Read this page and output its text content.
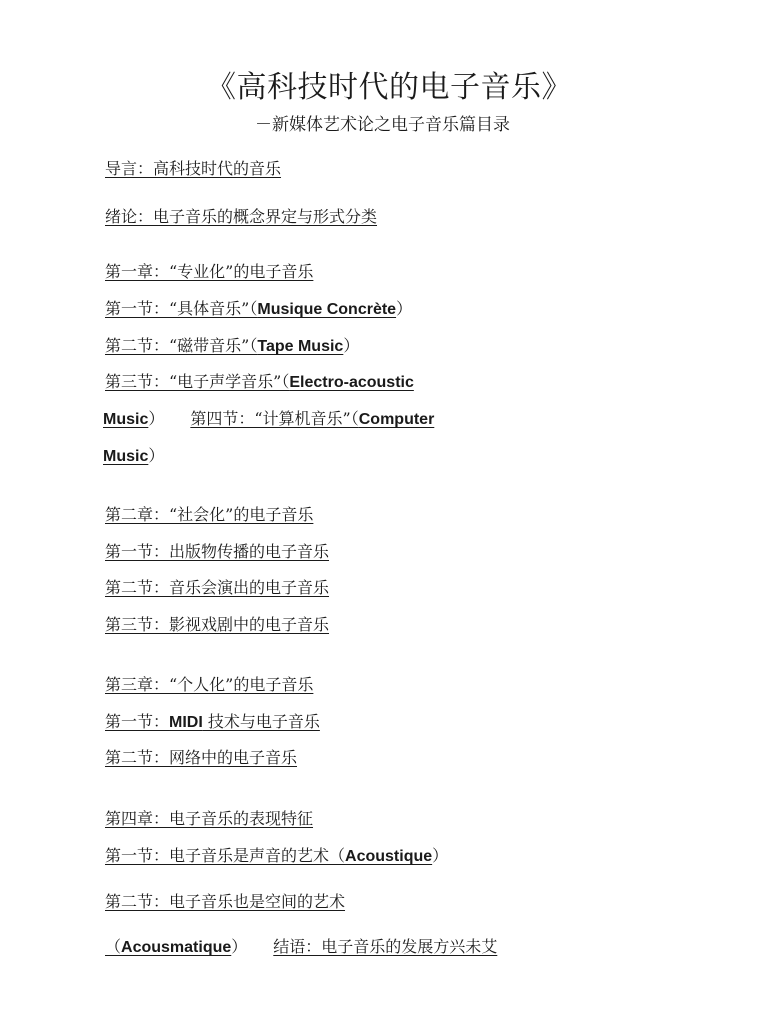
《高科技时代的电子音乐》
－新媒体艺术论之电子音乐篇目录
导言：高科技时代的音乐
绪论：电子音乐的概念界定与形式分类
第一章：“专业化”的电子音乐
第一节：“具体音乐”（Musique Concrète）
第二节：“磁带音乐”（Tape Music）
第三节：“电子声学音乐”（Electro-acoustic
Music） 第四节：“计算机音乐”（Computer
Music）
第二章：“社会化”的电子音乐
第一节：出版物传播的电子音乐
第二节：音乐会演出的电子音乐
第三节：影视戏剧中的电子音乐
第三章：“个人化”的电子音乐
第一节：MIDI 技术与电子音乐
第二节：网络中的电子音乐
第四章：电子音乐的表现特征
第一节：电子音乐是声音的艺术（Acoustique）
第二节：电子音乐也是空间的艺术
（Acousmatique） 结语：电子音乐的发展方兴未艾
